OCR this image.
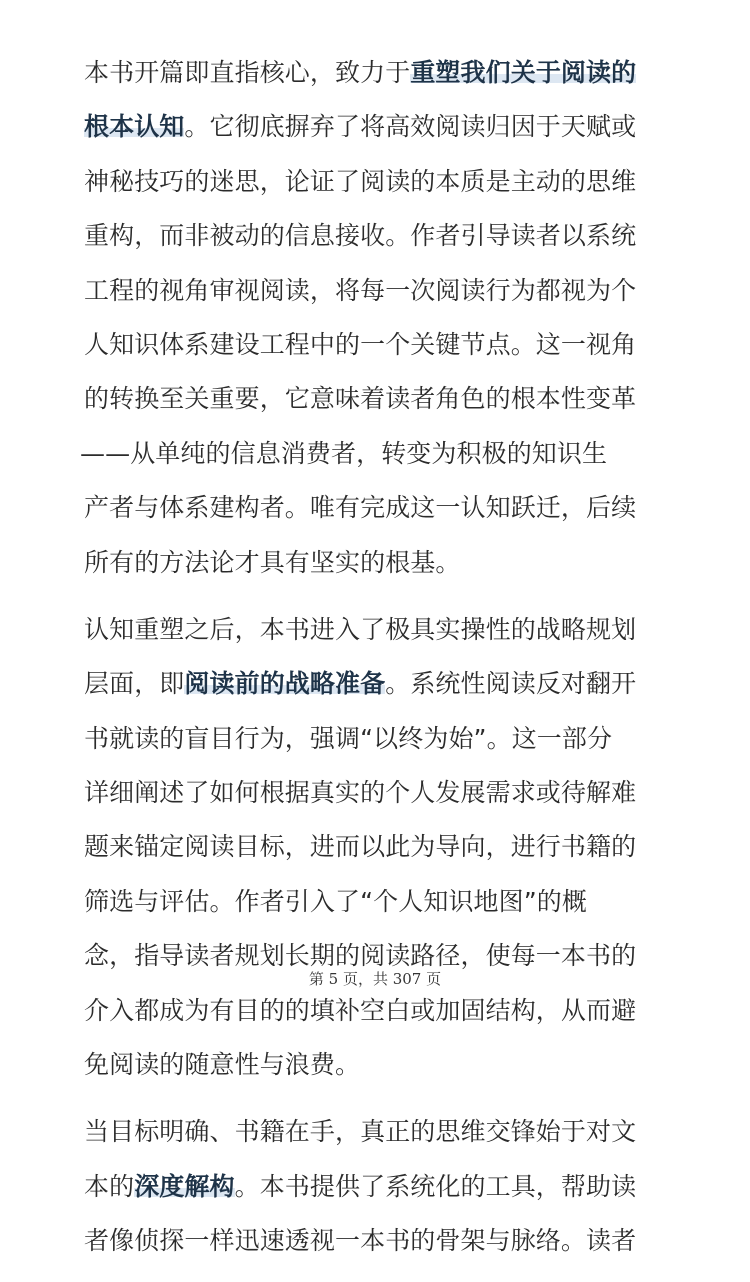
本书开篇即直指核心，致力于重塑我们关于阅读的
根本认知。它彻底摒弃了将高效阅读归因于天赋或
神秘技巧的迷思，论证了阅读的本质是主动的思维
重构，而非被动的信息接收。作者引导读者以系统
工程的视角审视阅读，将每一次阅读行为都视为个
人知识体系建设工程中的一个关键节点。这一视角
的转换至关重要，它意味着读者角色的根本性变革
——从单纯的信息消费者，转变为积极的知识生
产者与体系建构者。唯有完成这一认知跃迁，后续
所有的方法论才具有坚实的根基。
认知重塑之后，本书进入了极具实操性的战略规划
层面，即阅读前的战略准备。系统性阅读反对翻开
书就读的盲目行为，强调“以终为始”。这一部分
详细阐述了如何根据真实的个人发展需求或待解难
题来锚定阅读目标，进而以此为导向，进行书籍的
筛选与评估。作者引入了“个人知识地图”的概
念，指导读者规划长期的阅读路径，使每一本书的
介入都成为有目的的填补空白或加固结构，从而避
免阅读的随意性与浪费。
当目标明确、书籍在手，真正的思维交锋始于对文
本的深度解构。本书提供了系统化的工具，帮助读
者像侦探一样迅速透视一本书的骨架与脉络。读者
第 5 页，共 307 页
